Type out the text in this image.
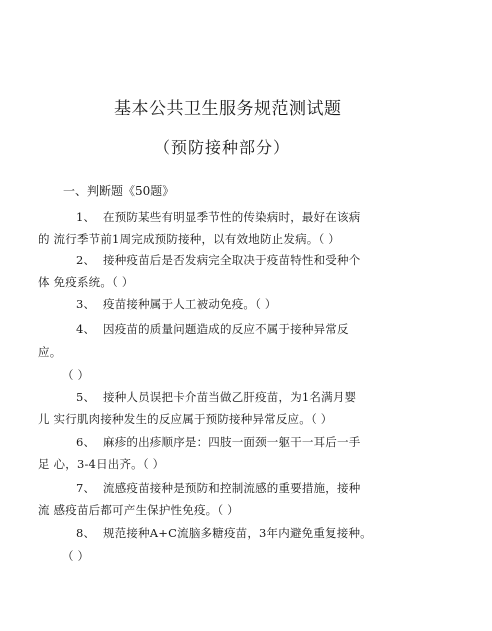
基本公共卫生服务规范测试题
（预防接种部分）
一、判断题《50题》
1、 在预防某些有明显季节性的传染病时，最好在该病
的 流行季节前1周完成预防接种，以有效地防止发病。（ ）
2、 接种疫苗后是否发病完全取决于疫苗特性和受种个
体 免疫系统。（ ）
3、 疫苗接种属于人工被动免疫。（ ）
4、 因疫苗的质量问题造成的反应不属于接种异常反
应。
（ ）
5、 接种人员误把卡介苗当做乙肝疫苗，为1名满月婴
儿 实行肌肉接种发生的反应属于预防接种异常反应。（ ）
6、 麻疹的出疹顺序是：四肢一面颈一躯干一耳后一手
足 心，3-4日出齐。（ ）
7、 流感疫苗接种是预防和控制流感的重要措施，接种
流 感疫苗后都可产生保护性免疫。（ ）
8、 规范接种A+C流脑多糖疫苗，3年内避免重复接种。
（ ）
